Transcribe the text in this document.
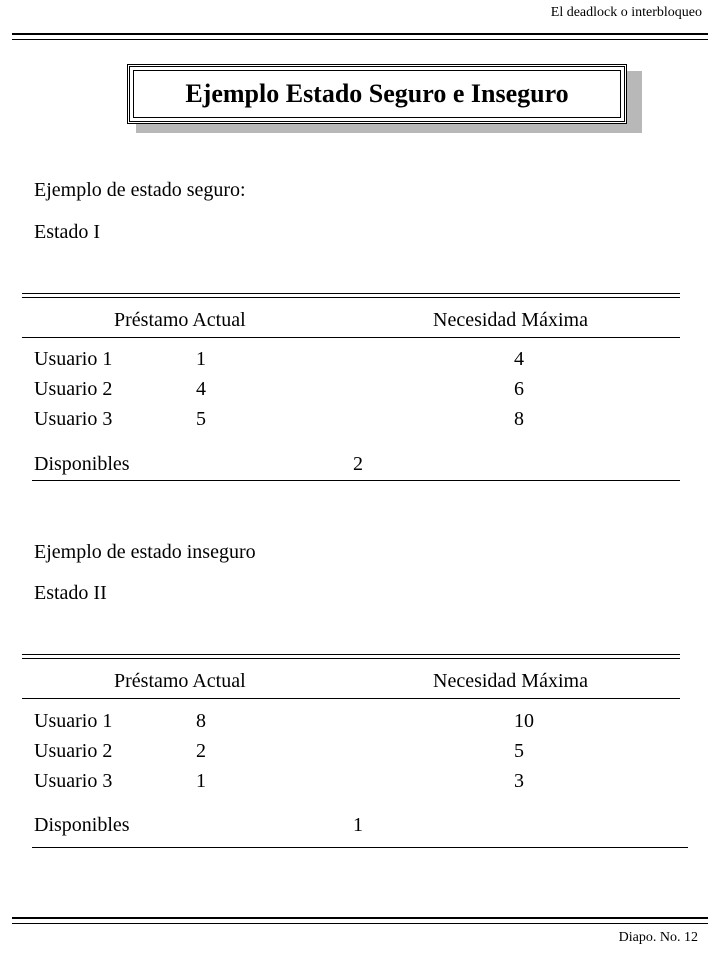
El deadlock o interbloqueo
Ejemplo Estado Seguro e Inseguro
Ejemplo de estado seguro:
Estado I
Préstamo Actual	Necesidad Máxima
Usuario 1	1	4
Usuario 2	4	6
Usuario 3	5	8
Disponibles	2
Ejemplo de estado inseguro
Estado II
Préstamo Actual	Necesidad Máxima
Usuario 1	8	10
Usuario 2	2	5
Usuario 3	1	3
Disponibles	1
Diapo. No. 12
